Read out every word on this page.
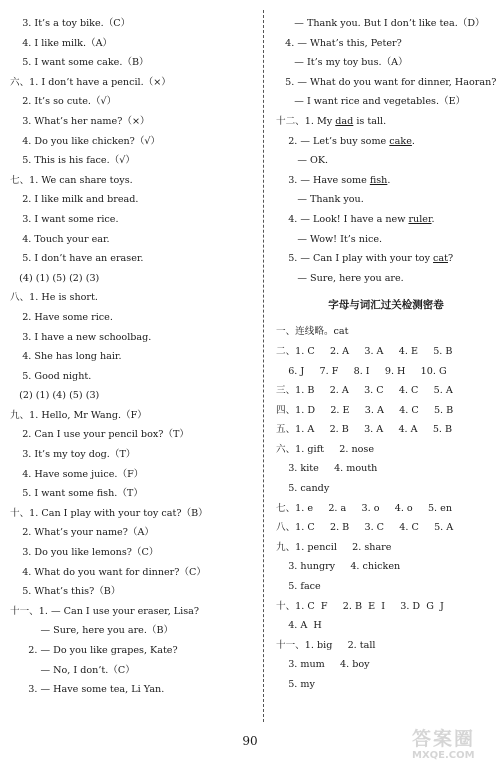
3. It’s a toy bike.（C）
4. I like milk.（A）
5. I want some cake.（B）
六、1. I don’t have a pencil.（×）
2. It’s so cute.（√）
3. What’s her name?（×）
4. Do you like chicken?（√）
5. This is his face.（√）
七、1. We can share toys.
2. I like milk and bread.
3. I want some rice.
4. Touch your ear.
5. I don’t have an eraser.
(4) (1) (5) (2) (3)
八、1. He is short.
2. Have some rice.
3. I have a new schoolbag.
4. She has long hair.
5. Good night.
(2) (1) (4) (5) (3)
九、1. Hello, Mr Wang.（F）
2. Can I use your pencil box?（T）
3. It’s my toy dog.（T）
4. Have some juice.（F）
5. I want some fish.（T）
十、1. Can I play with your toy cat?（B）
2. What’s your name?（A）
3. Do you like lemons?（C）
4. What do you want for dinner?（C）
5. What’s this?（B）
十一、1. — Can I use your eraser, Lisa?
— Sure, here you are.（B）
2. — Do you like grapes, Kate?
— No, I don’t.（C）
3. — Have some tea, Li Yan.
— Thank you. But I don’t like tea.（D）
4. — What’s this, Peter?
— It’s my toy bus.（A）
5. — What do you want for dinner, Haoran?
— I want rice and vegetables.（E）
十二、1. My dad is tall.
2. — Let’s buy some cake.
— OK.
3. — Have some fish.
— Thank you.
4. — Look! I have a new ruler.
— Wow! It’s nice.
5. — Can I play with your toy cat?
— Sure, here you are.
字母与词汇过关检测密卷
一、连线略。cat
二、1. C     2. A     3. A     4. E     5. B
6. J     7. F     8. I     9. H     10. G
三、1. B     2. A     3. C     4. C     5. A
四、1. D     2. E     3. A     4. C     5. B
五、1. A     2. B     3. A     4. A     5. B
六、1. gift     2. nose
3. kite     4. mouth
5. candy
七、1. e     2. a     3. o     4. o     5. en
八、1. C     2. B     3. C     4. C     5. A
九、1. pencil     2. share
3. hungry     4. chicken
5. face
十、1. C  F     2. B  E  I     3. D  G  J
4. A  H
十一、1. big     2. tall
3. mum     4. boy
5. my
90	答案圈
MXQE.COM
